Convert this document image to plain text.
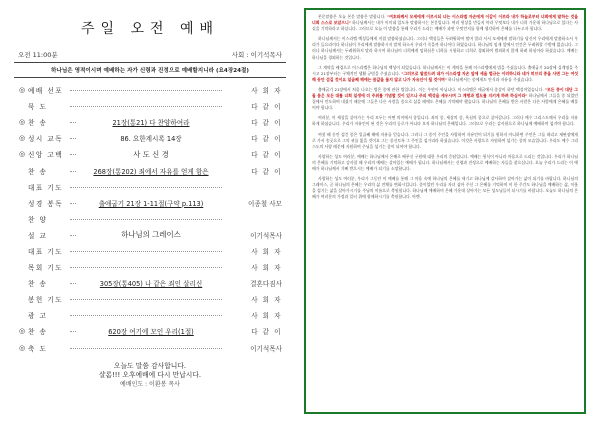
주일 오전 예배
오전 11:00분	사회 : 이기석목사
하나님은 영적이시며 예배하는 자가 신령과 진정으로 예배할지니라 (요4장24절)
◎ 예배 선포	사 회 자
묵 도	다 같 이
◎ 찬 송	21장(통21) 다 찬양하여라	다 같 이
◎ 성시 교독	86. 요한계시록 14장	다 같 이
◎ 신앙 고백	사 도 신 경	다 같 이
찬 송	268장(통202) 죄에서 자유를 얻게 함은	다 같 이
대표 기도
성경 봉독	출애굽기 21장 1-11절(구약 p.113)	이종철 사모
찬 양
설 교	하나님의 그레이스	이기석목사
대표 기도	사 회 자
목회 기도	사 회 자
찬 송	305장(통405) 나 같은 죄인 살리신	결혼다짐사
봉헌 기도	사 회 자
광 고	사 회 자
◎ 찬 송	620장 여기에 모인 우리(1절)	다 같 이
◎ 축 도	이기석목사
오늘도 말씀 감사합니다.
샬롬!!! 오후예배에 다시 만납시다.
예배인도 : 이환봉 목사

본문말씀은 오늘 본문 말씀은 말합니다. "여호와께서 모세에게 이르시되 너는 이스라엘 자손에게 이같이 이르라 내가 하늘로부터 너희에게 말하는 것을 너희 스스로 보았으니" 하나님께서는 내가 이미네 있도록 말씀하시는 본문입니다. 여러 형상을 만들지 마라 무엇보다 내가 너희 가운데 하나님으로 있다는 사실을 기억하라고 하십니다. 그러므로 오늘 이 말씀을 통해 우리가 드리는 예배가 과연 무엇인지를 함께 생각하며 은혜를 나누고자 합니다.

하나님께서는 이스라엘 백성들에게 직접 말씀하셨습니다. 그러나 백성들은 두려워하여 떨며 멀리 서서 모세에게 말하기를 당신이 우리에게 말씀하소서 우리가 들으리이다 하나님이 우리에게 말씀하시지 말게 하소서 우리가 죽을까 하나이다 하였습니다. 하나님의 임재 앞에서 인간은 두려워할 수밖에 없습니다. 그러나 하나님께서는 두려워하지 말라 하시며 하나님이 너희에게 임하심은 너희를 시험하고 너희로 경외하여 범죄하지 않게 하려 하심이라 하셨습니다. 예배는 하나님을 경외하는 것입니다.

그 계약을 배경으로 이스라엘은 하나님의 백성이 되었습니다. 하나님께서는 이 계약을 통해 이스라엘에게 법을 주셨습니다. 출애굽기 20장에 십계명을 주시고 21장부터는 구체적인 생활 규범을 주셨습니다. "그러므로 말씀드려 네가 이스라엘 자손 앞에 세울 법규는 이러하니라 네가 히브리 종을 사면 그는 여섯 해 동안 섬길 것이요 일곱째 해에는 몸값을 물지 않고 나가 자유인이 될 것이며" 하나님께서는 종에게도 안식과 자유를 주셨습니다.

출애굽기 21장에서 처음 나오는 법은 종에 관한 법입니다. 이는 우연이 아닙니다. 이스라엘은 애굽에서 종살이 하던 백성이었습니다. "모든 종이 대단 그들 몸은 모든 대를 너희 일생에 더 주위를 기념할 것이 있으나 주의 백성을 세우시며 그 계명과 법도를 지키게 하려 하심이라" 하나님께서 그들을 종 되었던 집에서 인도하여 내셨기 때문에 그들은 다른 사람을 종으로 삼을 때에도 은혜를 기억해야 했습니다. 하나님의 은혜를 받은 사람은 다른 사람에게 은혜를 베풀어야 합니다.

여러분, 이 세상을 살아가는 우리 모두는 어떤 의미에서 종입니다. 죄의 종, 세상의 종, 욕심의 종으로 살아갑니다. 그러나 예수 그리스도께서 우리를 자유하게 하셨습니다. 우리가 자유인이 된 것은 우리의 공로가 아니라 오직 하나님의 은혜입니다. 그러므로 우리는 감사함으로 하나님께 예배하며 섬겨야 합니다.

여섯 해 동안 섬긴 종은 일곱째 해에 자유를 얻습니다. 그러나 그 종이 주인을 사랑하여 자유인이 되기를 원하지 아니하면 주인은 그를 데리고 재판장에게로 가서 송곳으로 그의 귀를 뚫을 것이요 그는 종신토록 그 주인을 섬기리라 하셨습니다. 이것은 사랑으로 자원하여 섬기는 종의 모습입니다. 우리도 예수 그리스도의 사랑 때문에 자원하여 주님을 섬기는 종이 되어야 합니다.

사랑하는 성도 여러분, 예배는 하나님께서 은혜로 베푸신 구원에 대한 우리의 응답입니다. 예배는 형식이 아니라 마음으로 드리는 것입니다. 우리가 하나님의 은혜를 기억하고 감사할 때 우리의 예배는 살아있는 예배가 됩니다. 하나님께서는 신령과 진정으로 예배하는 자들을 찾으십니다. 오늘 우리가 드리는 이 예배가 하나님께서 기뻐 받으시는 예배가 되기를 소망합니다.

사랑하는 성도 여러분, 우리가 그동안 이 예배를 통해 그 마음 속에 하나님의 은혜를 새기고 하나님께 감사하며 살아가는 삶이 되기를 바랍니다. 하나님의 그레이스, 곧 하나님의 은혜는 우리의 삶 전체를 변화시킵니다. 종이었던 우리를 자녀 삼아 주신 그 은혜를 기억하며 이 한 주간도 하나님을 예배하는 삶, 이웃을 섬기는 삶을 살아가시기를 주님의 이름으로 축원합니다. 하나님께 예배하며 은혜 가운데 살아가는 모든 성도님들이 되시기를 바랍니다. 오늘도 하나님의 은혜가 여러분의 가정과 일터 위에 함께하시기를 축원합니다. 아멘.
